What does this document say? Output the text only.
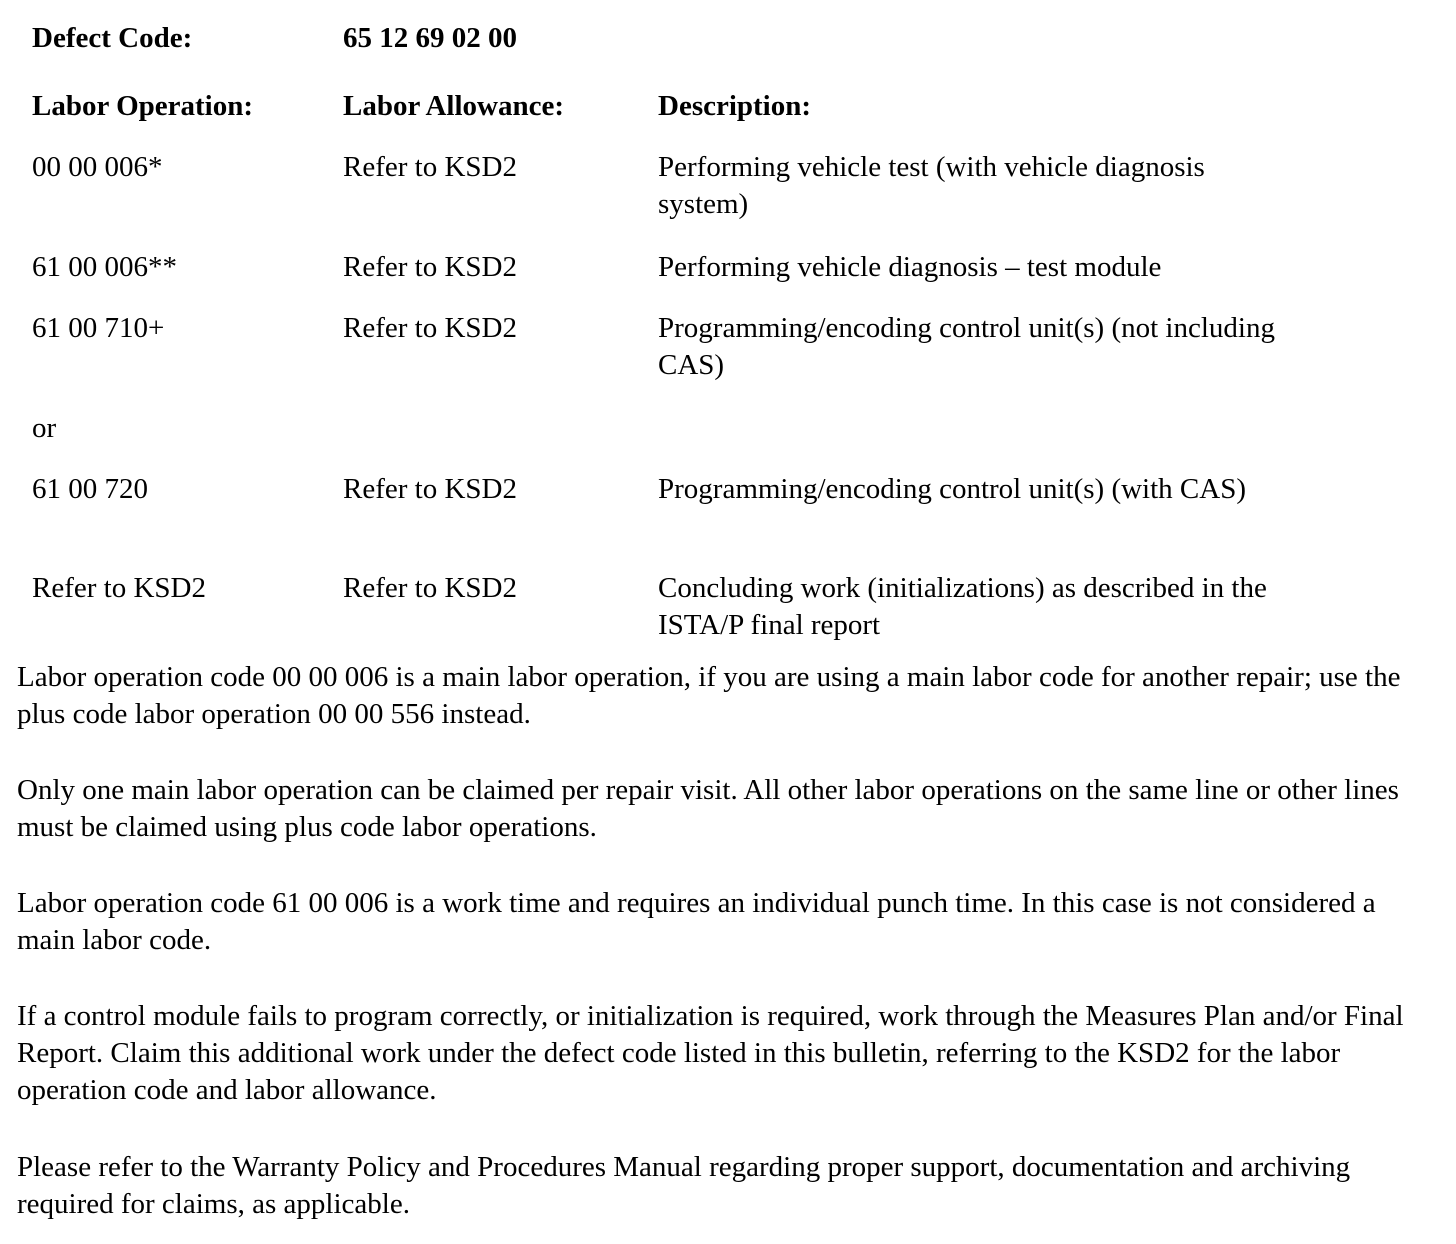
Defect Code:	65 12 69 02 00
Labor Operation:	Labor Allowance:	Description:
00 00 006*	Refer to KSD2	Performing vehicle test (with vehicle diagnosis system)
61 00 006**	Refer to KSD2	Performing vehicle diagnosis – test module
61 00 710+	Refer to KSD2	Programming/encoding control unit(s) (not including CAS)
or
61 00 720	Refer to KSD2	Programming/encoding control unit(s) (with CAS)
Refer to KSD2	Refer to KSD2	Concluding work (initializations) as described in the ISTA/P final report

Labor operation code 00 00 006 is a main labor operation, if you are using a main labor code for another repair; use the plus code labor operation 00 00 556 instead.

Only one main labor operation can be claimed per repair visit. All other labor operations on the same line or other lines must be claimed using plus code labor operations.

Labor operation code 61 00 006 is a work time and requires an individual punch time. In this case is not considered a main labor code.

If a control module fails to program correctly, or initialization is required, work through the Measures Plan and/or Final Report. Claim this additional work under the defect code listed in this bulletin, referring to the KSD2 for the labor operation code and labor allowance.

Please refer to the Warranty Policy and Procedures Manual regarding proper support, documentation and archiving required for claims, as applicable.
